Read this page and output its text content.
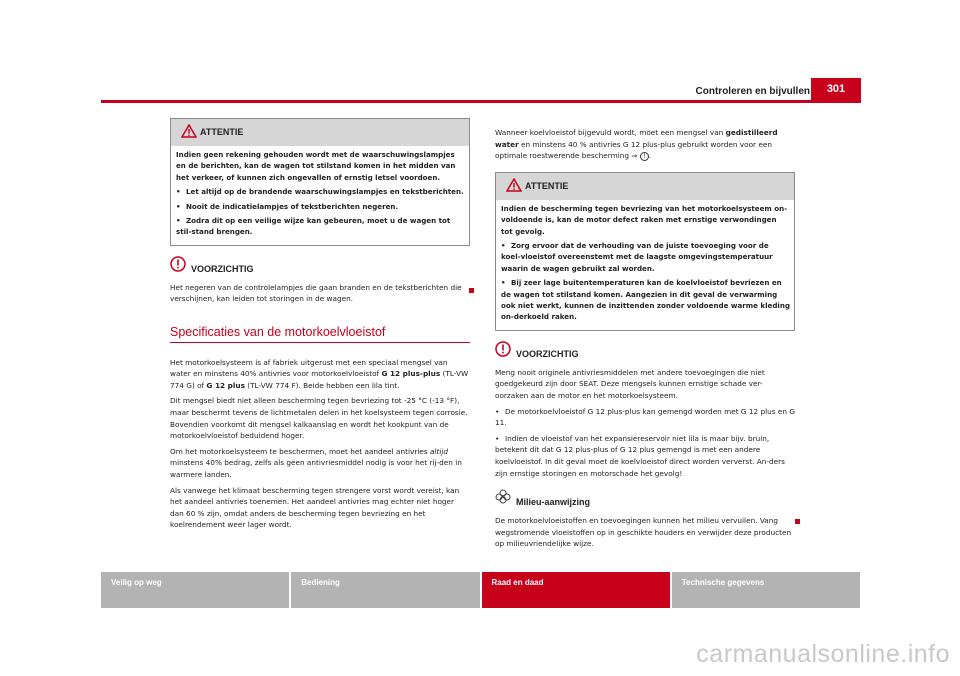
Controleren en bijvullen	301
ATTENTIE

Indien geen rekening gehouden wordt met de waarschuwingslampjes en de berichten, kan de wagen tot stilstand komen in het midden van het verkeer, of kunnen zich ongevallen of ernstig letsel voordoen.

• Let altijd op de brandende waarschuwingslampjes en tekstberichten.

• Nooit de indicatielampjes of tekstberichten negeren.

• Zodra dit op een veilige wijze kan gebeuren, moet u de wagen tot stil-stand brengen.

VOORZICHTIG

Het negeren van de controlelampjes die gaan branden en de tekstberichten die verschijnen, kan leiden tot storingen in de wagen.

Specificaties van de motorkoelvloeistof

Het motorkoelsysteem is af fabriek uitgerust met een speciaal mengsel van water en minstens 40% antivries voor motorkoelvloeistof G 12 plus-plus (TL-VW 774 G) of G 12 plus (TL-VW 774 F). Beide hebben een lila tint.

Dit mengsel biedt niet alleen bescherming tegen bevriezing tot -25 °C (-13 °F), maar beschermt tevens de lichtmetalen delen in het koelsysteem tegen corrosie. Bovendien voorkomt dit mengsel kalkaanslag en wordt het kookpunt van de motorkoelvloeistof beduidend hoger.

Om het motorkoelsysteem te beschermen, moet het aandeel antivries altijd minstens 40% bedrag, zelfs als geen antivriesmiddel nodig is voor het rij-den in warmere landen.

Als vanwege het klimaat bescherming tegen strengere vorst wordt vereist, kan het aandeel antivries toenemen. Het aandeel antivries mag echter niet hoger dan 60 % zijn, omdat anders de bescherming tegen bevriezing en het koelrendement weer lager wordt.

Wanneer koelvloeistof bijgevuld wordt, moet een mengsel van gedistilleerd water en minstens 40 % antivries G 12 plus-plus gebruikt worden voor een optimale roestwerende bescherming ⇒ ! .

ATTENTIE

Indien de bescherming tegen bevriezing van het motorkoelsysteem on-voldoende is, kan de motor defect raken met ernstige verwondingen tot gevolg.

• Zorg ervoor dat de verhouding van de juiste toevoeging voor de koel-vloeistof overeenstemt met de laagste omgevingstemperatuur waarin de wagen gebruikt zal worden.

• Bij zeer lage buitentemperaturen kan de koelvloeistof bevriezen en de wagen tot stilstand komen. Aangezien in dit geval de verwarming ook niet werkt, kunnen de inzittenden zonder voldoende warme kleding on-derkoeld raken.

VOORZICHTIG

Meng nooit originele antivriesmiddelen met andere toevoegingen die niet goedgekeurd zijn door SEAT. Deze mengsels kunnen ernstige schade ver-oorzaken aan de motor en het motorkoelsysteem.

• De motorkoelvloeistof G 12 plus-plus kan gemengd worden met G 12 plus en G 11.

• Indien de vloeistof van het expansiereservoir niet lila is maar bijv. bruin, betekent dit dat G 12 plus-plus of G 12 plus gemengd is met een andere koelvloeistof. In dit geval moet de koelvloeistof direct worden ververst. An-ders zijn ernstige storingen en motorschade het gevolg!

Milieu-aanwijzing

De motorkoelvloeistoffen en toevoegingen kunnen het milieu vervuilen. Vang wegstromende vloeistoffen op in geschikte houders en verwijder deze producten op milieuvriendelijke wijze.

Veilig op weg	Bediening	Raad en daad	Technische gegevens
carmanualsonline.info
